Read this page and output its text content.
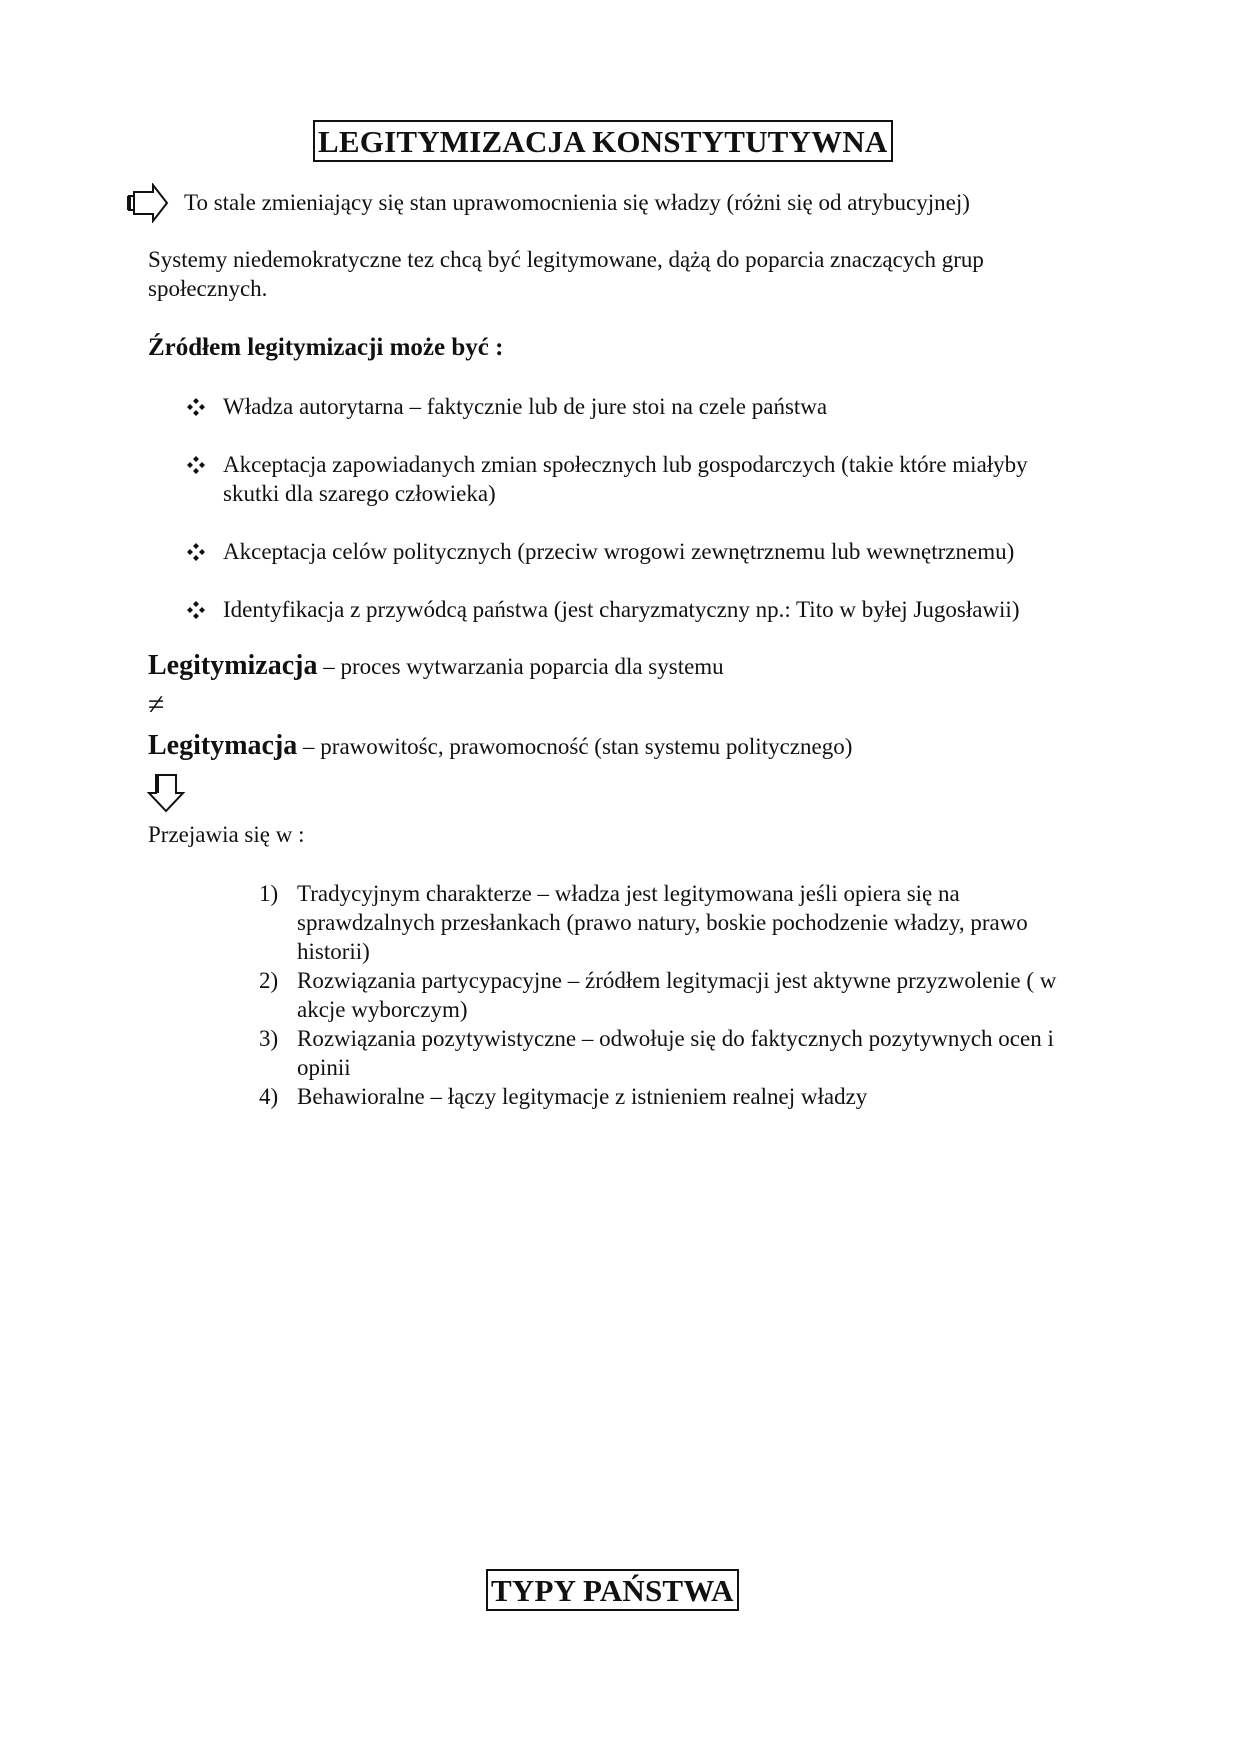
LEGITYMIZACJA KONSTYTUTYWNA
To stale zmieniający się stan uprawomocnienia się władzy (różni się od atrybucyjnej)
Systemy niedemokratyczne tez chcą być legitymowane, dążą do poparcia znaczących grup społecznych.
Źródłem legitymizacji może być :
Władza autorytarna – faktycznie lub de jure stoi na czele państwa
Akceptacja zapowiadanych zmian społecznych lub gospodarczych (takie które miałyby skutki dla szarego człowieka)
Akceptacja celów politycznych (przeciw wrogowi zewnętrznemu lub wewnętrznemu)
Identyfikacja z przywódcą państwa (jest charyzmatyczny np.: Tito w byłej Jugosławii)
Legitymizacja – proces wytwarzania poparcia dla systemu
≠
Legitymacja – prawowitośc, prawomocność (stan systemu politycznego)
Przejawia się w :
1) Tradycyjnym charakterze – władza jest legitymowana jeśli opiera się na sprawdzalnych przesłankach (prawo natury, boskie pochodzenie władzy, prawo historii)
2) Rozwiązania partycypacyjne – źródłem legitymacji jest aktywne przyzwolenie ( w akcje wyborczym)
3) Rozwiązania pozytywistyczne – odwołuje się do faktycznych pozytywnych ocen i opinii
4) Behawioralne – łączy legitymacje z istnieniem realnej władzy
TYPY PAŃSTWA
